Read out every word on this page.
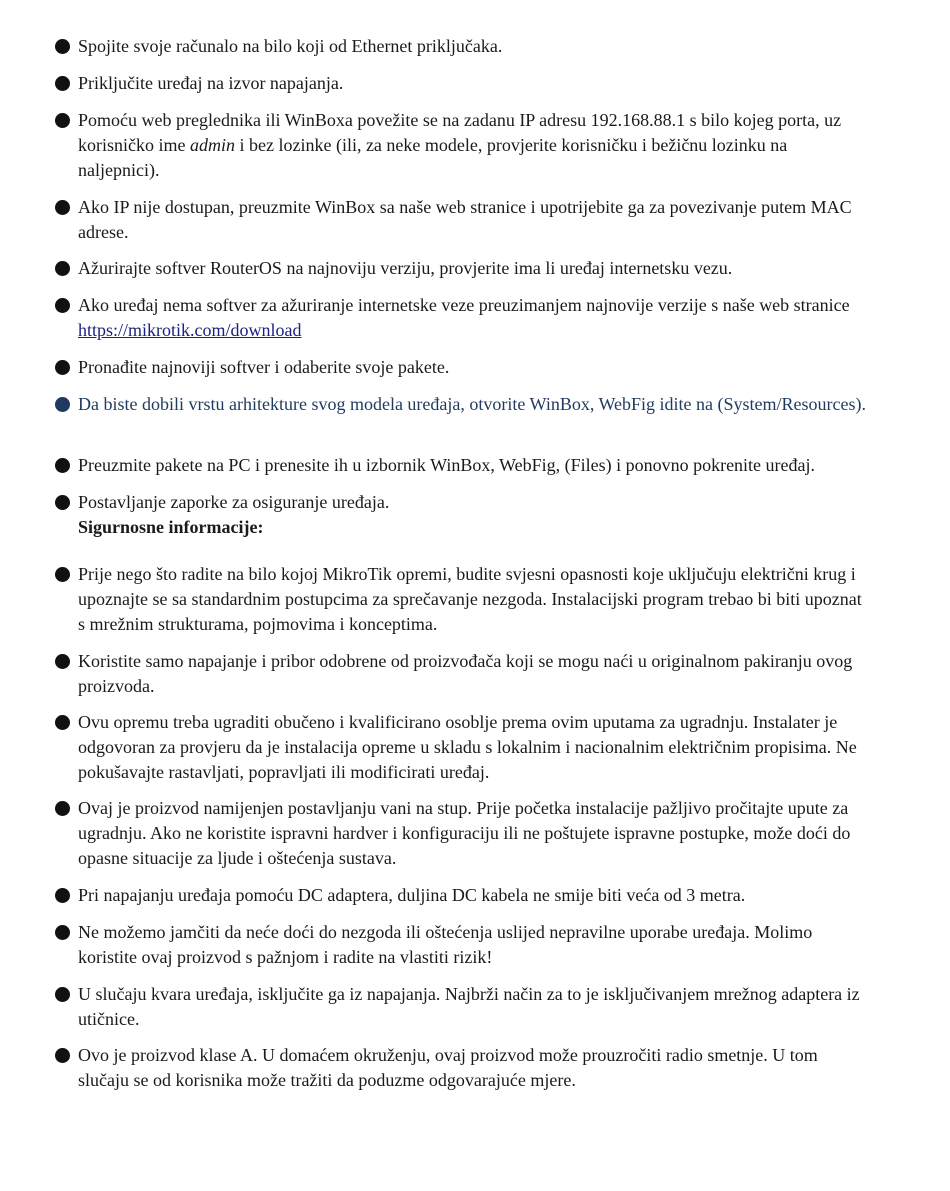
Spojite svoje računalo na bilo koji od Ethernet priključaka.
Priključite uređaj na izvor napajanja.
Pomoću web preglednika ili WinBoxa povežite se na zadanu IP adresu 192.168.88.1 s bilo kojeg porta, uz korisničko ime admin i bez lozinke (ili, za neke modele, provjerite korisničku i bežičnu lozinku na naljepnici).
Ako IP nije dostupan, preuzmite WinBox sa naše web stranice i upotrijebite ga za povezivanje putem MAC adrese.
Ažurirajte softver RouterOS na najnoviju verziju, provjerite ima li uređaj internetsku vezu.
Ako uređaj nema softver za ažuriranje internetske veze preuzimanjem najnovije verzije s naše web stranice https://mikrotik.com/download
Pronađite najnoviji softver i odaberite svoje pakete.
Da biste dobili vrstu arhitekture svog modela uređaja, otvorite WinBox, WebFig idite na (System/Resources).
Preuzmite pakete na PC i prenesite ih u izbornik WinBox, WebFig, (Files) i ponovno pokrenite uređaj.
Postavljanje zaporke za osiguranje uređaja.
Sigurnosne informacije:
Prije nego što radite na bilo kojoj MikroTik opremi, budite svjesni opasnosti koje uključuju električni krug i upoznajte se sa standardnim postupcima za sprečavanje nezgoda. Instalacijski program trebao bi biti upoznat s mrežnim strukturama, pojmovima i konceptima.
Koristite samo napajanje i pribor odobrene od proizvođača koji se mogu naći u originalnom pakiranju ovog proizvoda.
Ovu opremu treba ugraditi obučeno i kvalificirano osoblje prema ovim uputama za ugradnju. Instalater je odgovoran za provjeru da je instalacija opreme u skladu s lokalnim i nacionalnim električnim propisima. Ne pokušavajte rastavljati, popravljati ili modificirati uređaj.
Ovaj je proizvod namijenjen postavljanju vani na stup. Prije početka instalacije pažljivo pročitajte upute za ugradnju. Ako ne koristite ispravni hardver i konfiguraciju ili ne poštujete ispravne postupke, može doći do opasne situacije za ljude i oštećenja sustava.
Pri napajanju uređaja pomoću DC adaptera, duljina DC kabela ne smije biti veća od 3 metra.
Ne možemo jamčiti da neće doći do nezgoda ili oštećenja uslijed nepravilne uporabe uređaja. Molimo koristite ovaj proizvod s pažnjom i radite na vlastiti rizik!
U slučaju kvara uređaja, isključite ga iz napajanja. Najbrži način za to je isključivanjem mrežnog adaptera iz utičnice.
Ovo je proizvod klase A. U domaćem okruženju, ovaj proizvod može prouzročiti radio smetnje. U tom slučaju se od korisnika može tražiti da poduzme odgovarajuće mjere.
